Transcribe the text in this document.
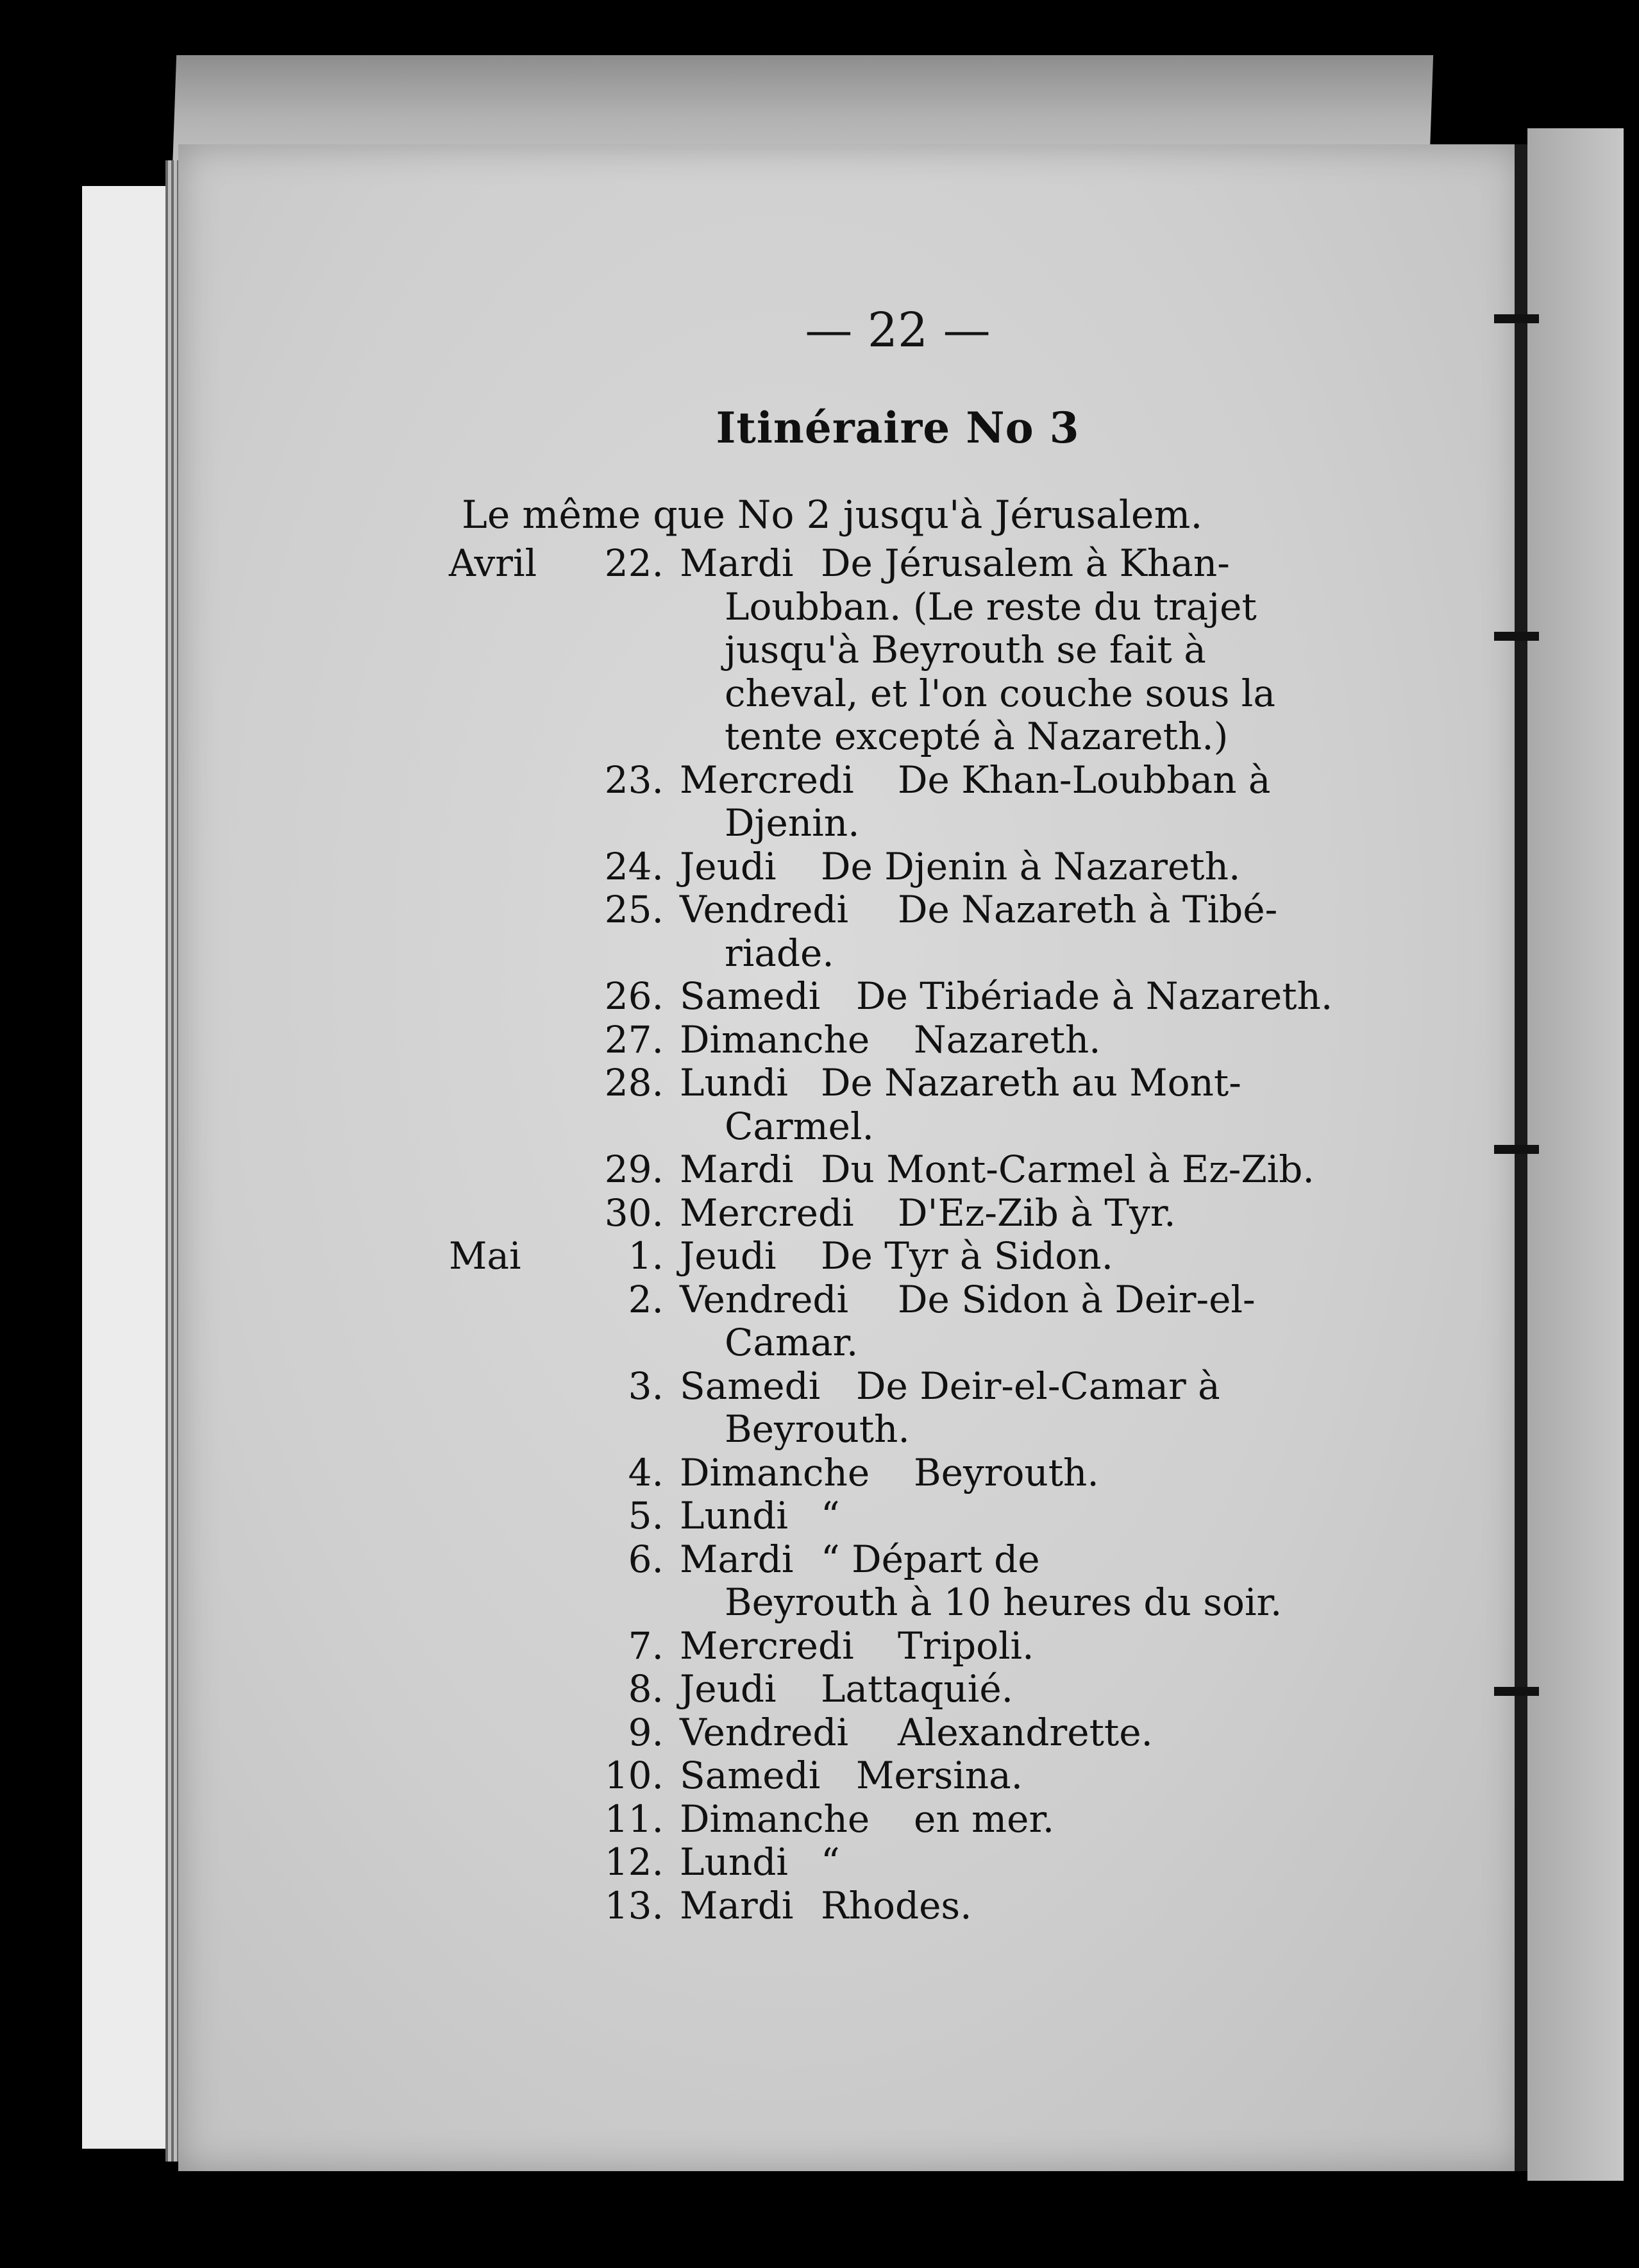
— 22 —
Itinéraire No 3
Le même que No 2 jusqu'à Jérusalem.
Avril	22. Mardi De Jérusalem à Khan-
Loubban. (Le reste du trajet
jusqu'à Beyrouth se fait à
cheval, et l'on couche sous la
tente excepté à Nazareth.)
23. Mercredi De Khan-Loubban à
Djenin.
24. Jeudi De Djenin à Nazareth.
25. Vendredi De Nazareth à Tibé-
riade.
26. Samedi De Tibériade à Nazareth.
27. Dimanche Nazareth.
28. Lundi De Nazareth au Mont-
Carmel.
29. Mardi Du Mont-Carmel à Ez-Zib.
30. Mercredi D'Ez-Zib à Tyr.
Mai	1. Jeudi De Tyr à Sidon.
2. Vendredi De Sidon à Deir-el-
Camar.
3. Samedi De Deir-el-Camar à
Beyrouth.
4. Dimanche Beyrouth.
5. Lundi “
6. Mardi “ Départ de
Beyrouth à 10 heures du soir.
7. Mercredi Tripoli.
8. Jeudi Lattaquié.
9. Vendredi Alexandrette.
10. Samedi Mersina.
11. Dimanche en mer.
12. Lundi “
13. Mardi Rhodes.
